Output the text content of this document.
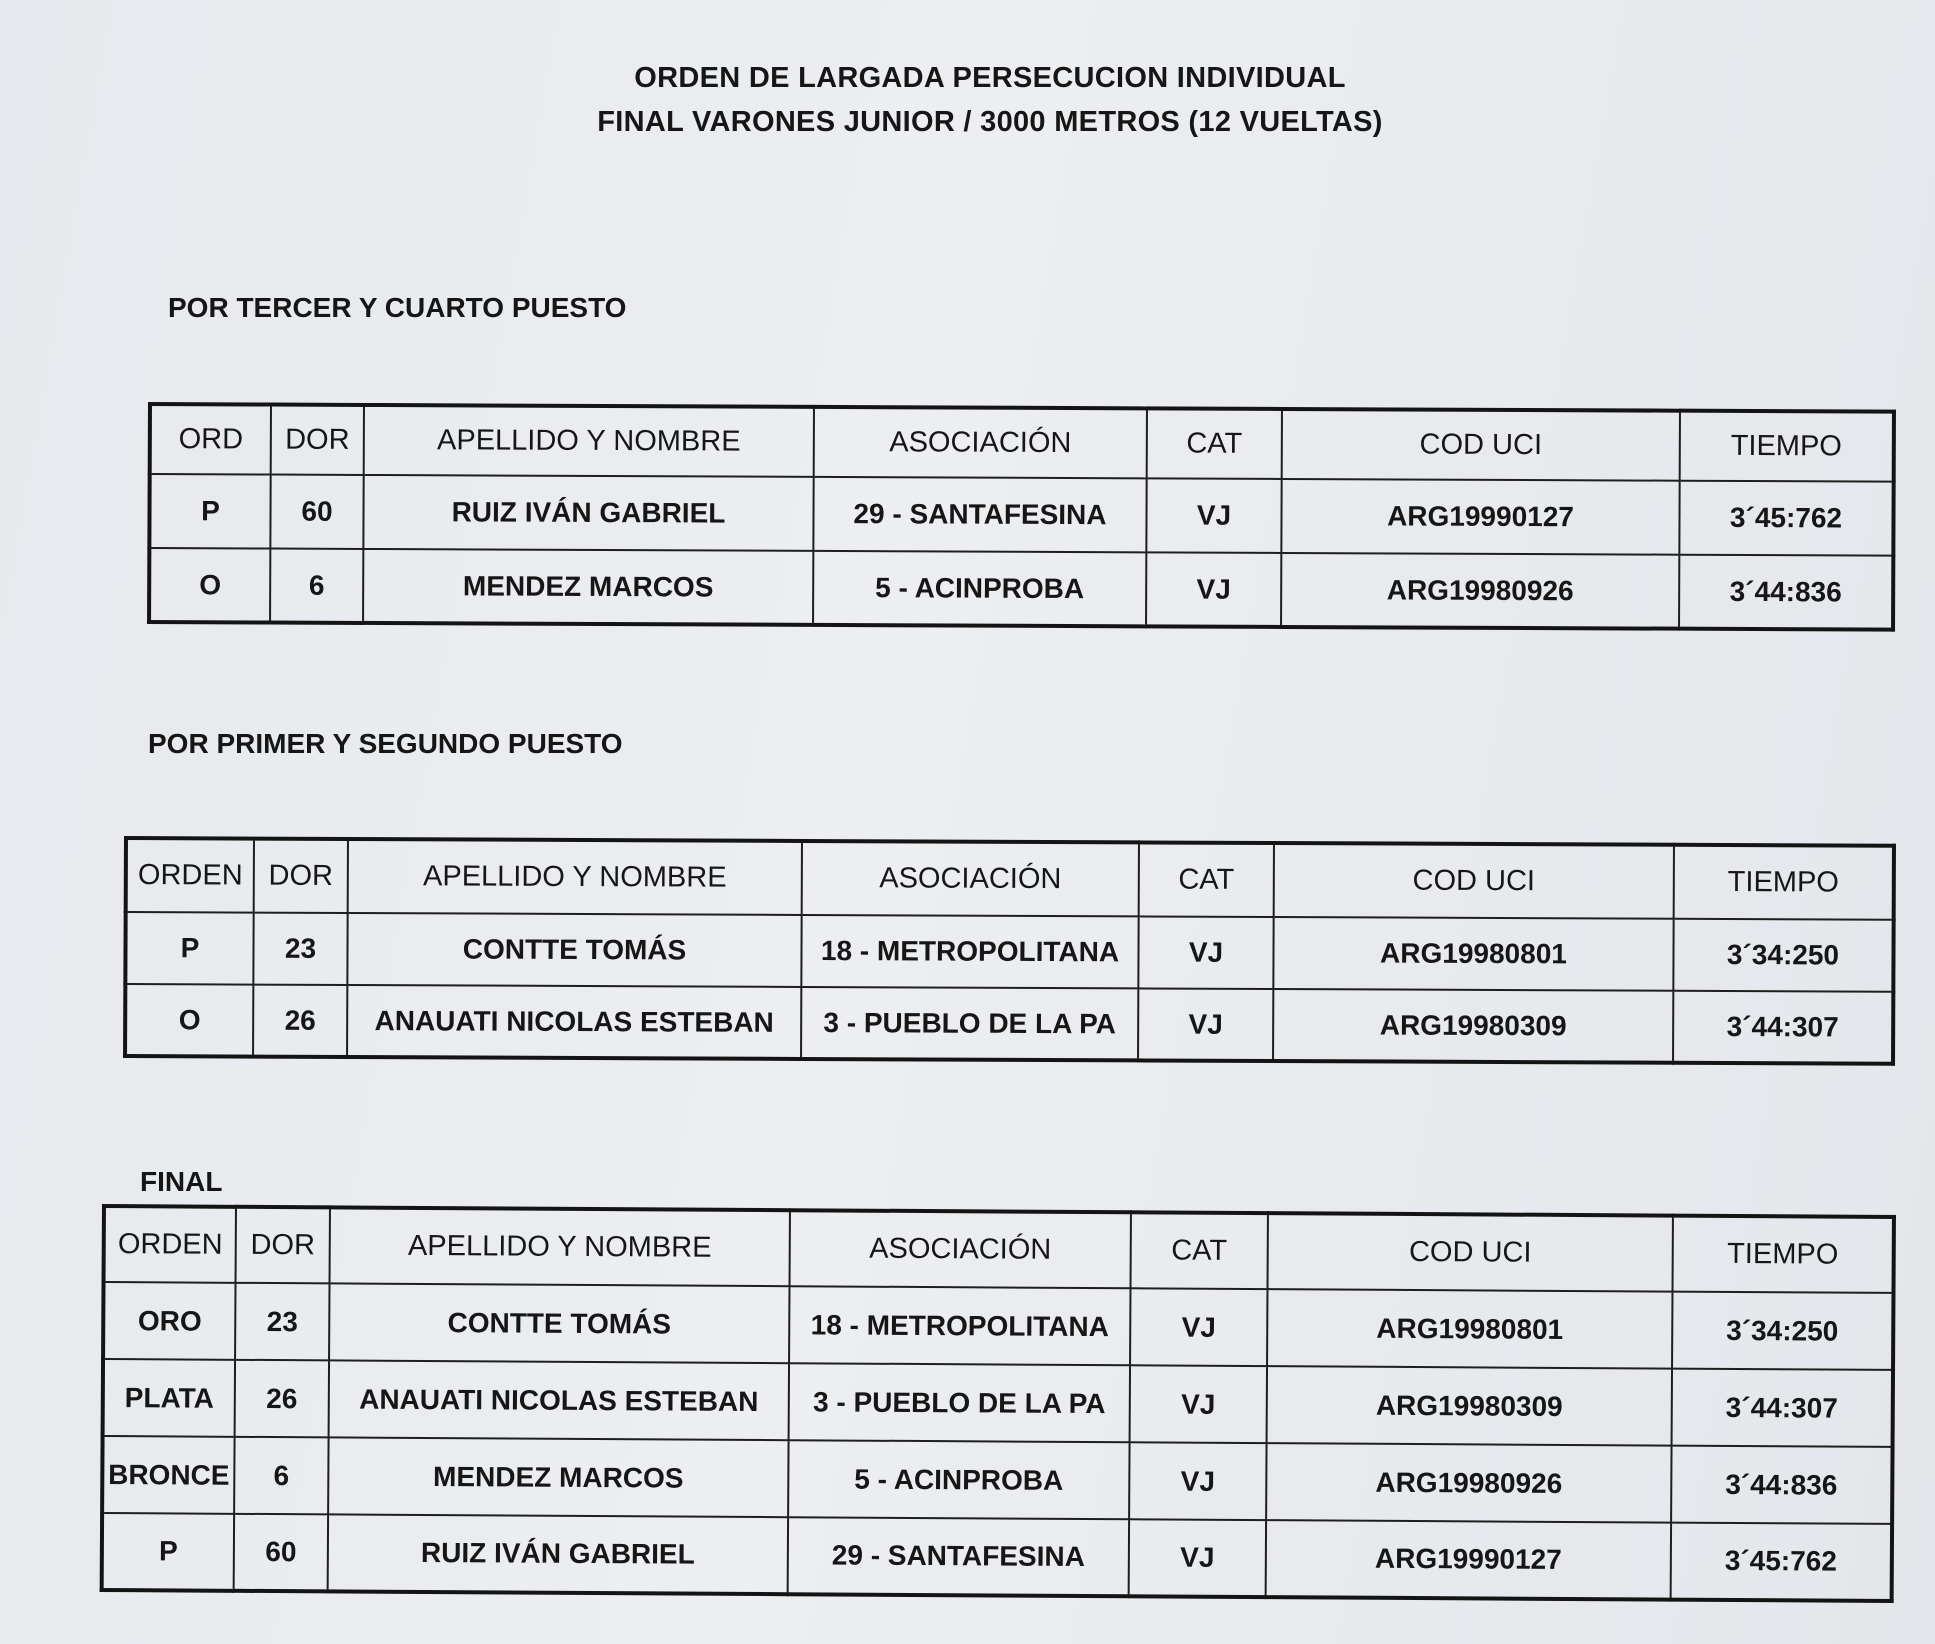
ORDEN DE LARGADA PERSECUCION INDIVIDUAL
FINAL VARONES JUNIOR / 3000 METROS (12 VUELTAS)
POR TERCER Y CUARTO PUESTO
ORD	DOR	APELLIDO Y NOMBRE	ASOCIACIÓN	CAT	COD UCI	TIEMPO
P	60	RUIZ IVÁN GABRIEL	29 - SANTAFESINA	VJ	ARG19990127	3´45:762
O	6	MENDEZ MARCOS	5 - ACINPROBA	VJ	ARG19980926	3´44:836
POR PRIMER Y SEGUNDO PUESTO
ORDEN	DOR	APELLIDO Y NOMBRE	ASOCIACIÓN	CAT	COD UCI	TIEMPO
P	23	CONTTE TOMÁS	18 - METROPOLITANA	VJ	ARG19980801	3´34:250
O	26	ANAUATI NICOLAS ESTEBAN	3 - PUEBLO DE LA PA	VJ	ARG19980309	3´44:307
FINAL
ORDEN	DOR	APELLIDO Y NOMBRE	ASOCIACIÓN	CAT	COD UCI	TIEMPO
ORO	23	CONTTE TOMÁS	18 - METROPOLITANA	VJ	ARG19980801	3´34:250
PLATA	26	ANAUATI NICOLAS ESTEBAN	3 - PUEBLO DE LA PA	VJ	ARG19980309	3´44:307
BRONCE	6	MENDEZ MARCOS	5 - ACINPROBA	VJ	ARG19980926	3´44:836
P	60	RUIZ IVÁN GABRIEL	29 - SANTAFESINA	VJ	ARG19990127	3´45:762
